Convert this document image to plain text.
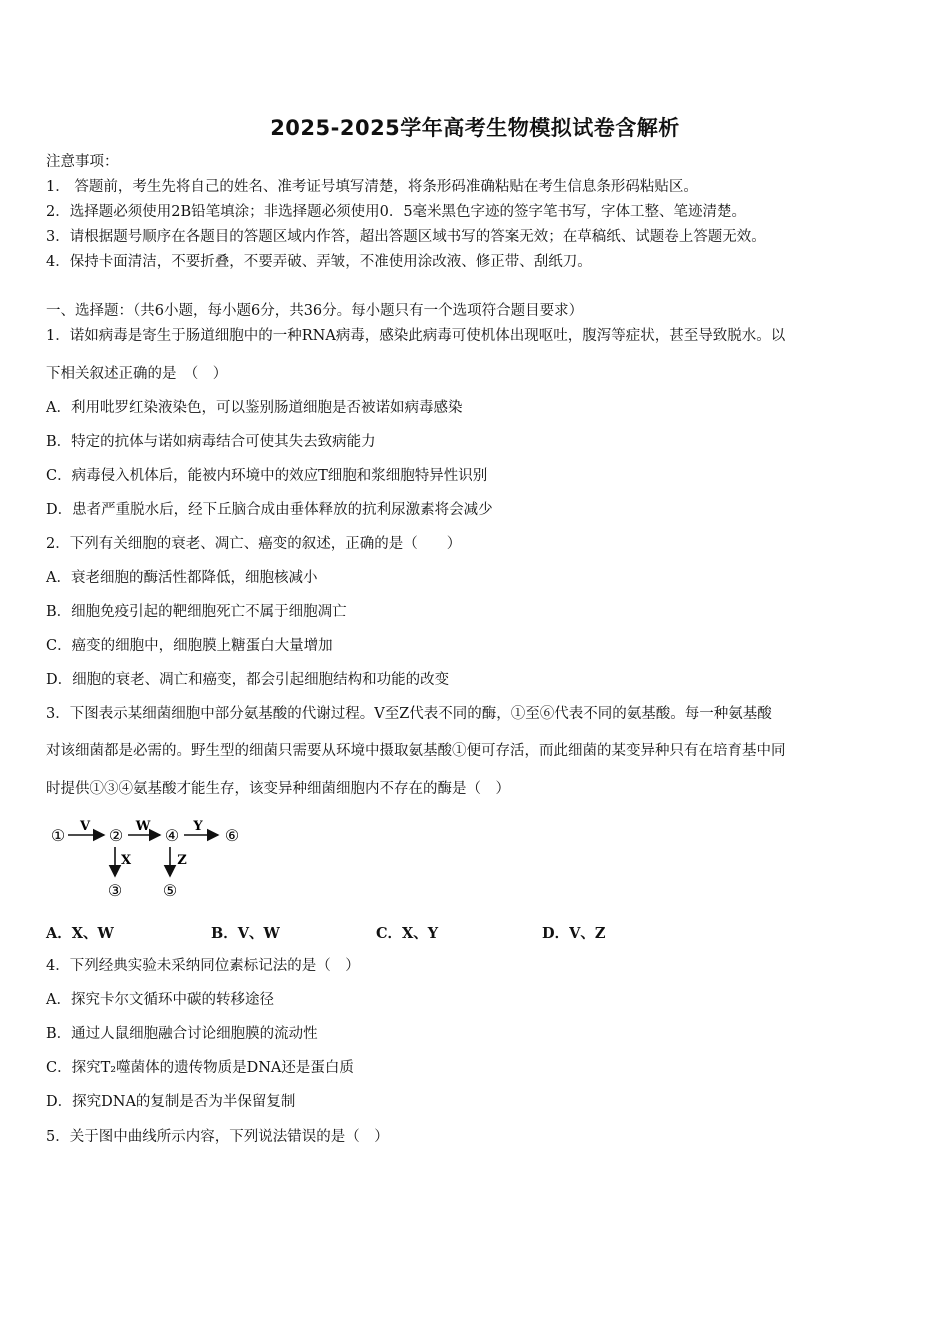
2025-2025学年高考生物模拟试卷含解析
注意事项：
1． 答题前，考生先将自己的姓名、准考证号填写清楚，将条形码准确粘贴在考生信息条形码粘贴区。
2．选择题必须使用2B铅笔填涂；非选择题必须使用0．5毫米黑色字迹的签字笔书写，字体工整、笔迹清楚。
3．请根据题号顺序在各题目的答题区域内作答，超出答题区域书写的答案无效；在草稿纸、试题卷上答题无效。
4．保持卡面清洁，不要折叠，不要弄破、弄皱，不准使用涂改液、修正带、刮纸刀。
一、选择题：（共6小题，每小题6分，共36分。每小题只有一个选项符合题目要求）
1．诺如病毒是寄生于肠道细胞中的一种RNA病毒，感染此病毒可使机体出现呕吐，腹泻等症状，甚至导致脱水。以
下相关叙述正确的是　（　）
A．利用吡罗红染液染色，可以鉴别肠道细胞是否被诺如病毒感染
B．特定的抗体与诺如病毒结合可使其失去致病能力
C．病毒侵入机体后，能被内环境中的效应T细胞和浆细胞特异性识别
D．患者严重脱水后，经下丘脑合成由垂体释放的抗利尿激素将会减少
2．下列有关细胞的衰老、凋亡、癌变的叙述，正确的是（　　）
A．衰老细胞的酶活性都降低，细胞核减小
B．细胞免疫引起的靶细胞死亡不属于细胞凋亡
C．癌变的细胞中，细胞膜上糖蛋白大量增加
D．细胞的衰老、凋亡和癌变，都会引起细胞结构和功能的改变
3．下图表示某细菌细胞中部分氨基酸的代谢过程。V至Z代表不同的酶，①至⑥代表不同的氨基酸。每一种氨基酸
对该细菌都是必需的。野生型的细菌只需要从环境中摄取氨基酸①便可存活，而此细菌的某变异种只有在培育基中同
时提供①③④氨基酸才能生存，该变异种细菌细胞内不存在的酶是（　）
①	②	④	⑥
③	⑤
V	W	Y
X	Z
A．X、W	B．V、W	C．X、Y	D．V、Z
4．下列经典实验未采纳同位素标记法的是（　）
A．探究卡尔文循环中碳的转移途径
B．通过人鼠细胞融合讨论细胞膜的流动性
C．探究T₂噬菌体的遗传物质是DNA还是蛋白质
D．探究DNA的复制是否为半保留复制
5．关于图中曲线所示内容，下列说法错误的是（　）
